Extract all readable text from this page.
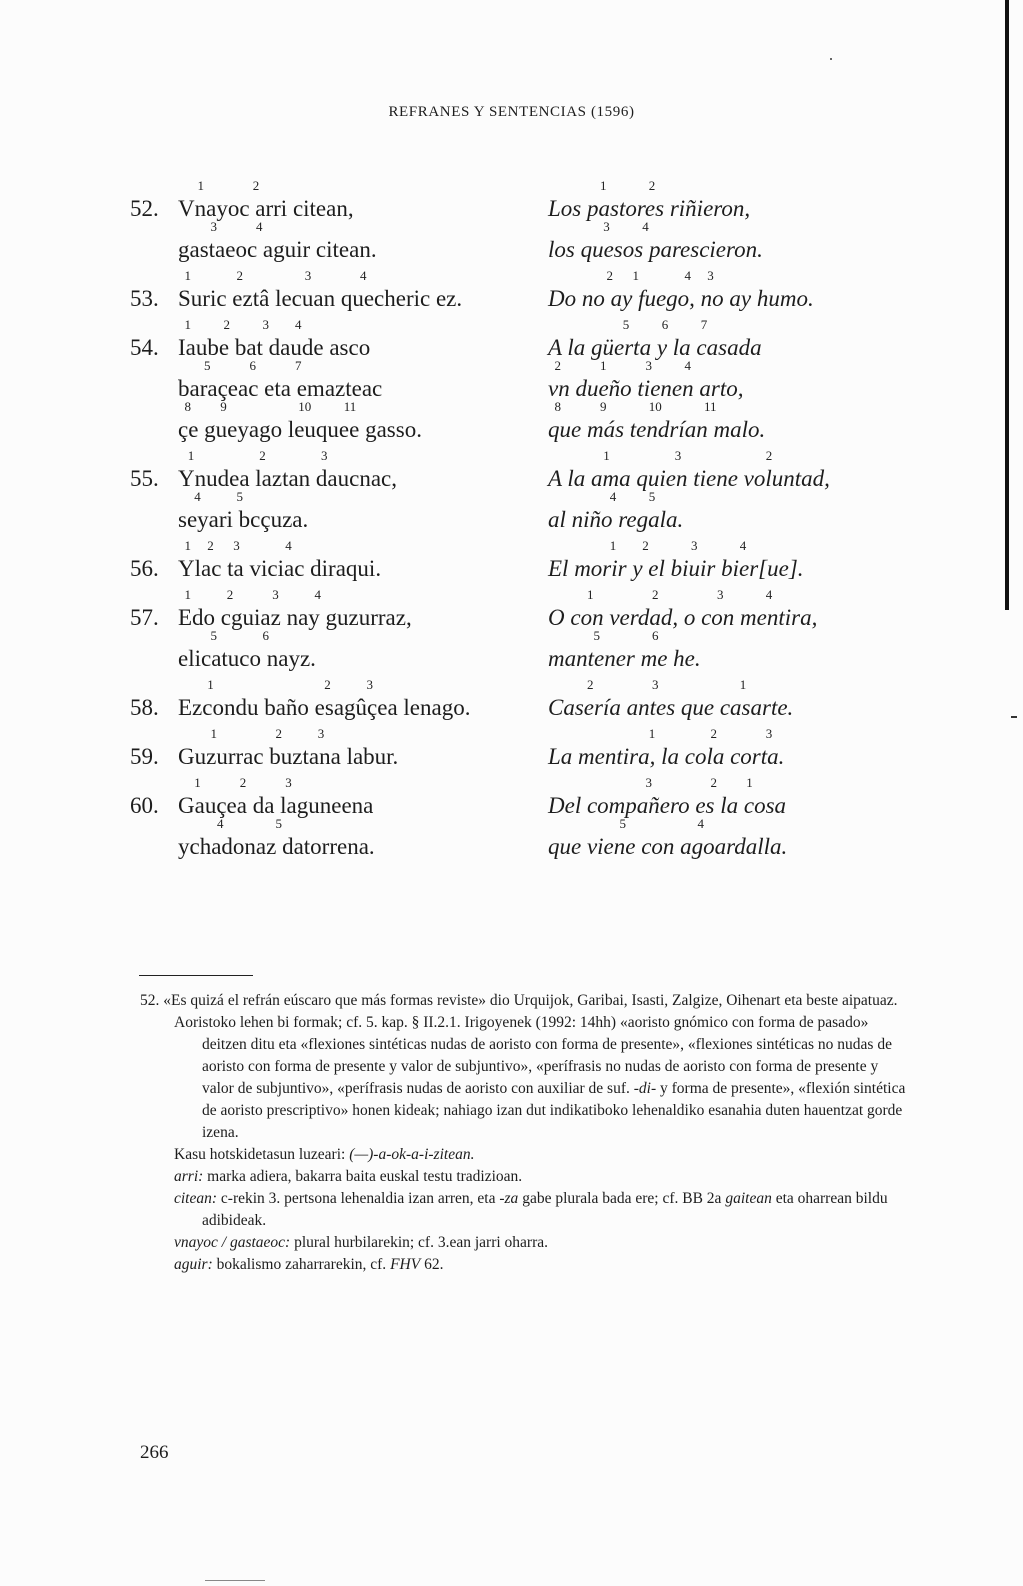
REFRANES Y SENTENCIAS (1596)
1               2
52. Vnayoc arri citean,
3            4
gastaeoc aguir citean.
1              2                   3               4
53. Suric eztâ lecuan quecheric ez.
1          2          3        4
54. Iaube bat daude asco
5            6            7
baraçeac eta emazteac
8         9                      10          11
çe gueyago leuquee gasso.
1                    2                 3
55. Ynudea laztan daucnac,
4           5
seyari bcçuza.
1     2      3              4
56. Ylac ta viciac diraqui.
1           2            3           4
57. Edo cguiaz nay guzurraz,
5              6
elicatuco nayz.
1                                  2           3
58. Ezcondu baño esagûçea lenago.
1                  2           3
59. Guzurrac buztana labur.
1            2            3
60. Gauçea da laguneena
4                5
ychadonaz datorrena.
1             2
Los pastores riñieron,
3          4
los quesos parescieron.
2      1              4     3
Do no ay fuego, no ay humo.
5          6          7
A la güerta y la casada
2            1            3          4
vn dueño tienen arto,
8            9             10             11
que más tendrían malo.
1                    3                          2
A la ama quien tiene voluntad,
4          5
al niño regala.
1        2             3             4
El morir y el biuir bier[ue].
1                  2                  3             4
O con verdad, o con mentira,
5                6
mantener me he.
2                  3                         1
Casería antes que casarte.
1                 2               3
La mentira, la cola corta.
3                  2         1
Del compañero es la cosa
5                      4
que viene con agoardalla.

52. «Es quizá el refrán eúscaro que más formas reviste» dio Urquijok, Garibai, Isasti, Zalgize, Oihenart eta beste aipatuaz.

Aoristoko lehen bi formak; cf. 5. kap. § II.2.1. Irigoyenek (1992: 14hh) «aoristo gnómico con forma de pasado» deitzen ditu eta «flexiones sintéticas nudas de aoristo con forma de presente», «flexiones sintéticas no nudas de aoristo con forma de presente y valor de subjuntivo», «perífrasis no nudas de aoristo con forma de presente y valor de subjuntivo», «perífrasis nudas de aoristo con auxiliar de suf. -di- y forma de presente», «flexión sintética de aoristo prescriptivo» honen kideak; nahiago izan dut indikatiboko lehenaldiko esanahia duten hauentzat gorde izena.

Kasu hotskidetasun luzeari: (—)-a-ok-a-i-zitean.

arri: marka adiera, bakarra baita euskal testu tradizioan.

citean: c-rekin 3. pertsona lehenaldia izan arren, eta -za gabe plurala bada ere; cf. BB 2a gaitean eta oharrean bildu adibideak.

vnayoc / gastaeoc: plural hurbilarekin; cf. 3.ean jarri oharra.

aguir: bokalismo zaharrarekin, cf. FHV 62.

266
